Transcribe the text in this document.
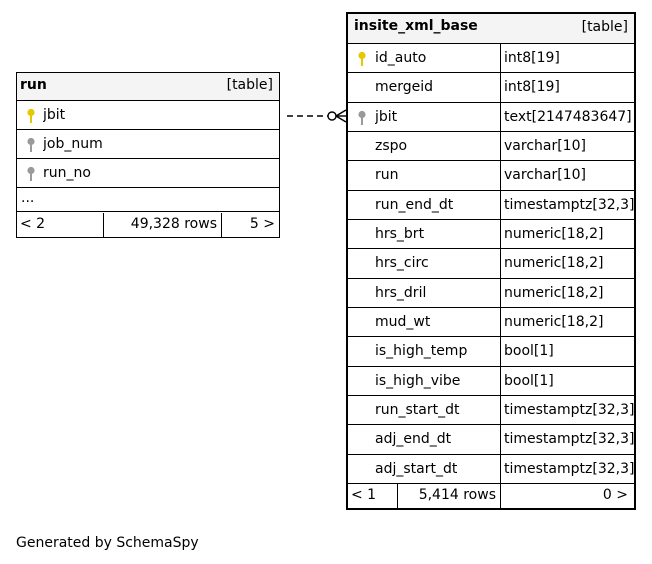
run	[table]
jbit
job_num
run_no
...
< 2	49,328 rows	5 >
insite_xml_base	[table]
id_auto	int8[19]
mergeid	int8[19]
jbit	text[2147483647]
zspo	varchar[10]
run	varchar[10]
run_end_dt	timestamptz[32,3]
hrs_brt	numeric[18,2]
hrs_circ	numeric[18,2]
hrs_dril	numeric[18,2]
mud_wt	numeric[18,2]
is_high_temp	bool[1]
is_high_vibe	bool[1]
run_start_dt	timestamptz[32,3]
adj_end_dt	timestamptz[32,3]
adj_start_dt	timestamptz[32,3]
< 1	5,414 rows	0 >
Generated by SchemaSpy
